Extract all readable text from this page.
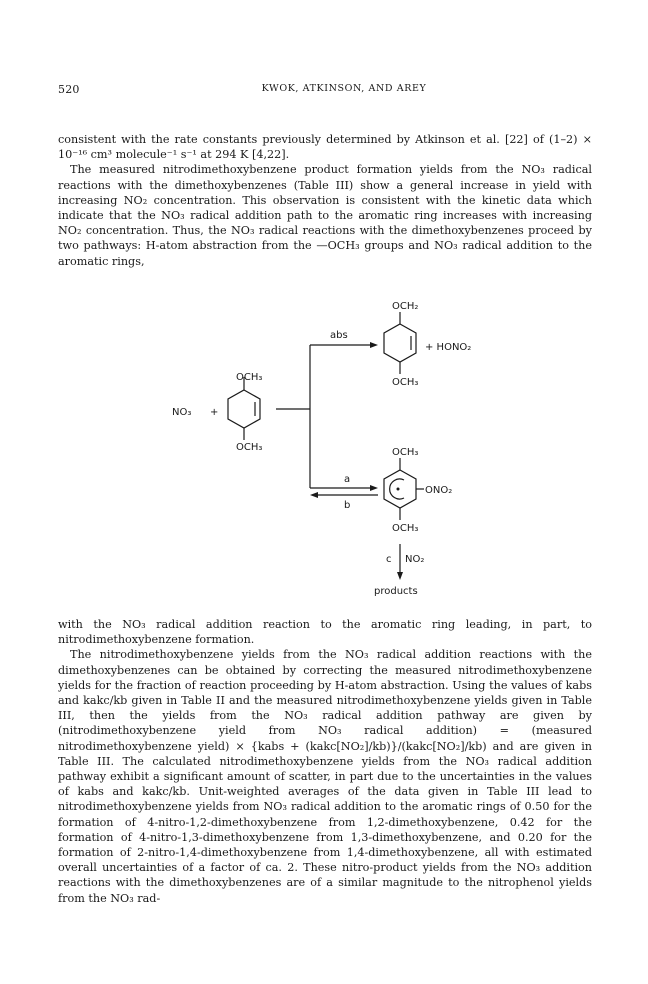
520	KWOK, ATKINSON, AND AREY

consistent with the rate constants previously determined by Atkinson et al. [22] of (1–2) × 10⁻¹⁶ cm³ molecule⁻¹ s⁻¹ at 294 K [4,22].
The measured nitrodimethoxybenzene product formation yields from the NO₃ radical reactions with the dimethoxybenzenes (Table III) show a general increase in yield with increasing NO₂ concentration. This observation is consistent with the kinetic data which indicate that the NO₃ radical addition path to the aromatic ring increases with increasing NO₂ concentration. Thus, the NO₃ radical reactions with the dimethoxybenzenes proceed by two pathways: H-atom abstraction from the —OCH₃ groups and NO₃ radical addition to the aromatic rings,

NO₃ +
OCH₃
OCH₃
abs
OCH₂
OCH₃
+ HONO₂
a
b
OCH₃
ONO₂
OCH₃
c NO₂
products

with the NO₃ radical addition reaction to the aromatic ring leading, in part, to nitrodimethoxybenzene formation.
The nitrodimethoxybenzene yields from the NO₃ radical addition reactions with the dimethoxybenzenes can be obtained by correcting the measured nitrodimethoxybenzene yields for the fraction of reaction proceeding by H-atom abstraction. Using the values of kabs and kakc/kb given in Table II and the measured nitrodimethoxybenzene yields given in Table III, then the yields from the NO₃ radical addition pathway are given by (nitrodimethoxybenzene yield from NO₃ radical addition) = (measured nitrodimethoxybenzene yield) × {kabs + (kakc[NO₂]/kb)}/(kakc[NO₂]/kb) and are given in Table III. The calculated nitrodimethoxybenzene yields from the NO₃ radical addition pathway exhibit a significant amount of scatter, in part due to the uncertainties in the values of kabs and kakc/kb. Unit-weighted averages of the data given in Table III lead to nitrodimethoxybenzene yields from NO₃ radical addition to the aromatic rings of 0.50 for the formation of 4-nitro-1,2-dimethoxybenzene from 1,2-dimethoxybenzene, 0.42 for the formation of 4-nitro-1,3-dimethoxybenzene from 1,3-dimethoxybenzene, and 0.20 for the formation of 2-nitro-1,4-dimethoxybenzene from 1,4-dimethoxybenzene, all with estimated overall uncertainties of a factor of ca. 2. These nitro-product yields from the NO₃ addition reactions with the dimethoxybenzenes are of a similar magnitude to the nitrophenol yields from the NO₃ rad-
